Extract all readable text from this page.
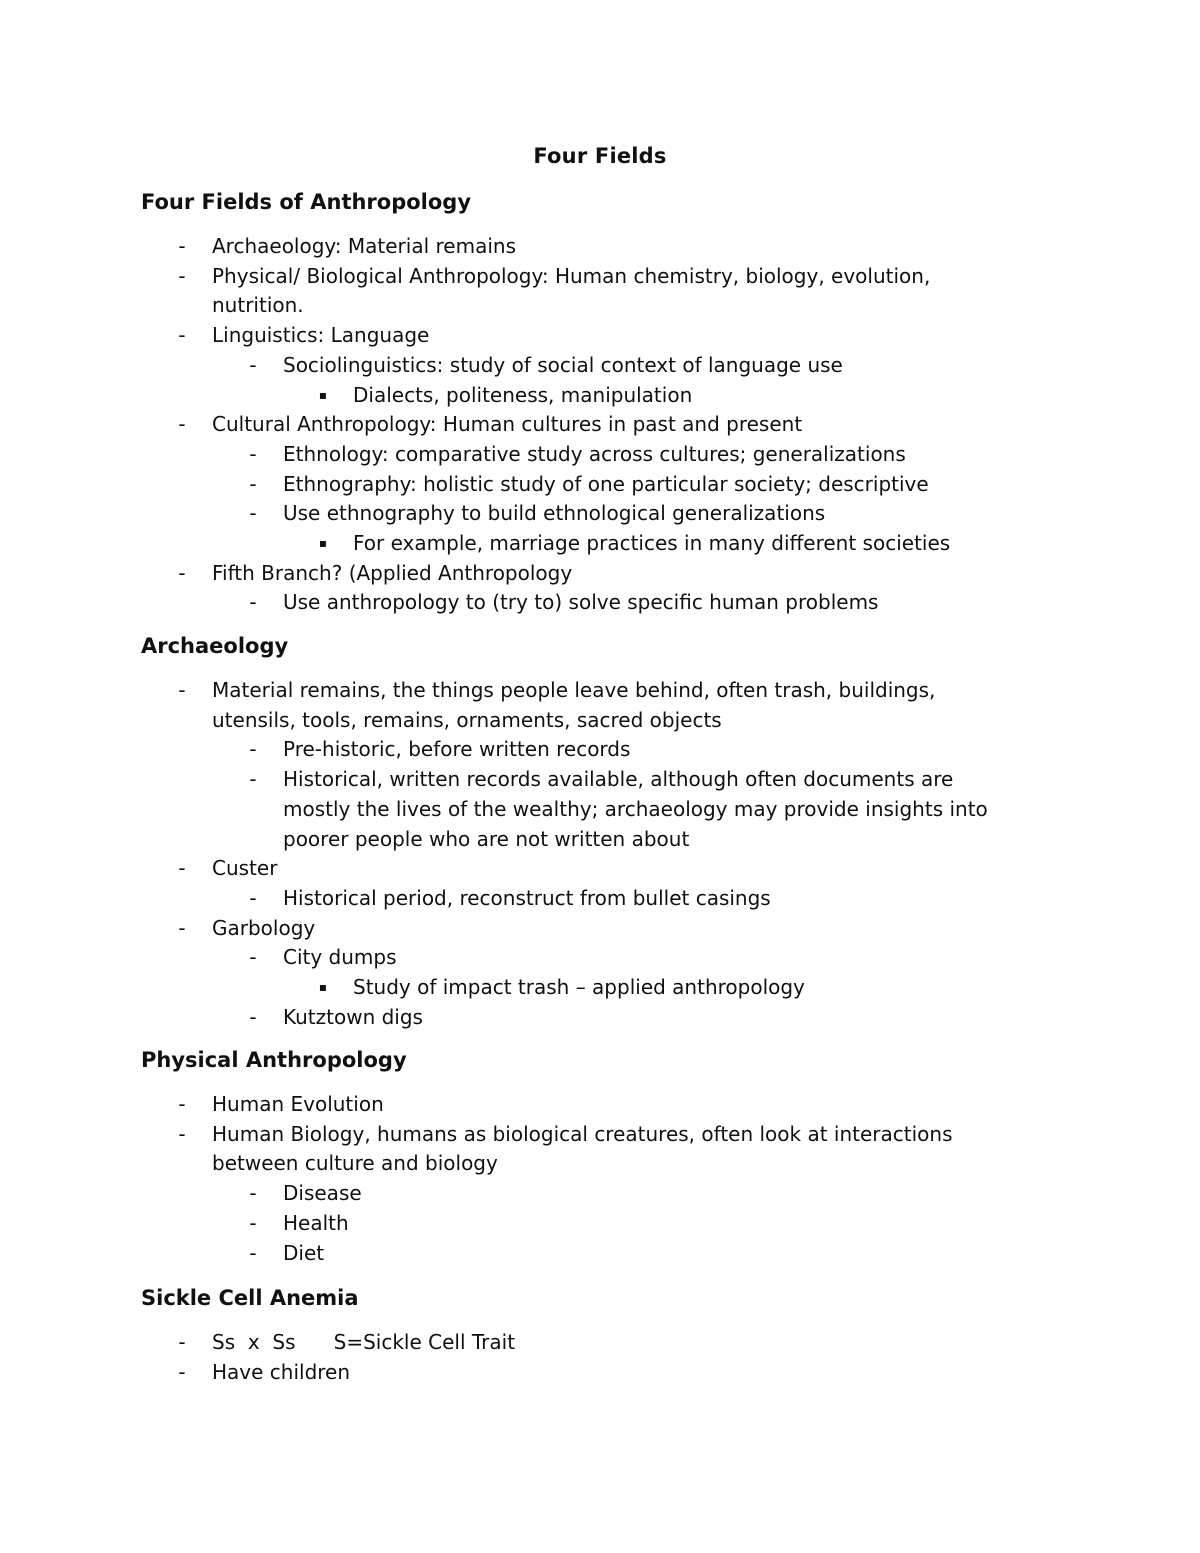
Four Fields
Four Fields of Anthropology
-	Archaeology: Material remains
-	Physical/ Biological Anthropology: Human chemistry, biology, evolution,
nutrition.
-	Linguistics: Language
-	Sociolinguistics: study of social context of language use
▪ Dialects, politeness, manipulation
-	Cultural Anthropology: Human cultures in past and present
-	Ethnology: comparative study across cultures; generalizations
-	Ethnography: holistic study of one particular society; descriptive
-	Use ethnography to build ethnological generalizations
▪ For example, marriage practices in many different societies
-	Fifth Branch? (Applied Anthropology
-	Use anthropology to (try to) solve specific human problems
Archaeology
-	Material remains, the things people leave behind, often trash, buildings,
utensils, tools, remains, ornaments, sacred objects
-	Pre-historic, before written records
-	Historical, written records available, although often documents are
mostly the lives of the wealthy; archaeology may provide insights into
poorer people who are not written about
-	Custer
-	Historical period, reconstruct from bullet casings
-	Garbology
-	City dumps
▪ Study of impact trash – applied anthropology
-	Kutztown digs
Physical Anthropology
-	Human Evolution
-	Human Biology, humans as biological creatures, often look at interactions
between culture and biology
-	Disease
-	Health
-	Diet
Sickle Cell Anemia
-	Ss  x  Ss      S=Sickle Cell Trait
-	Have children
